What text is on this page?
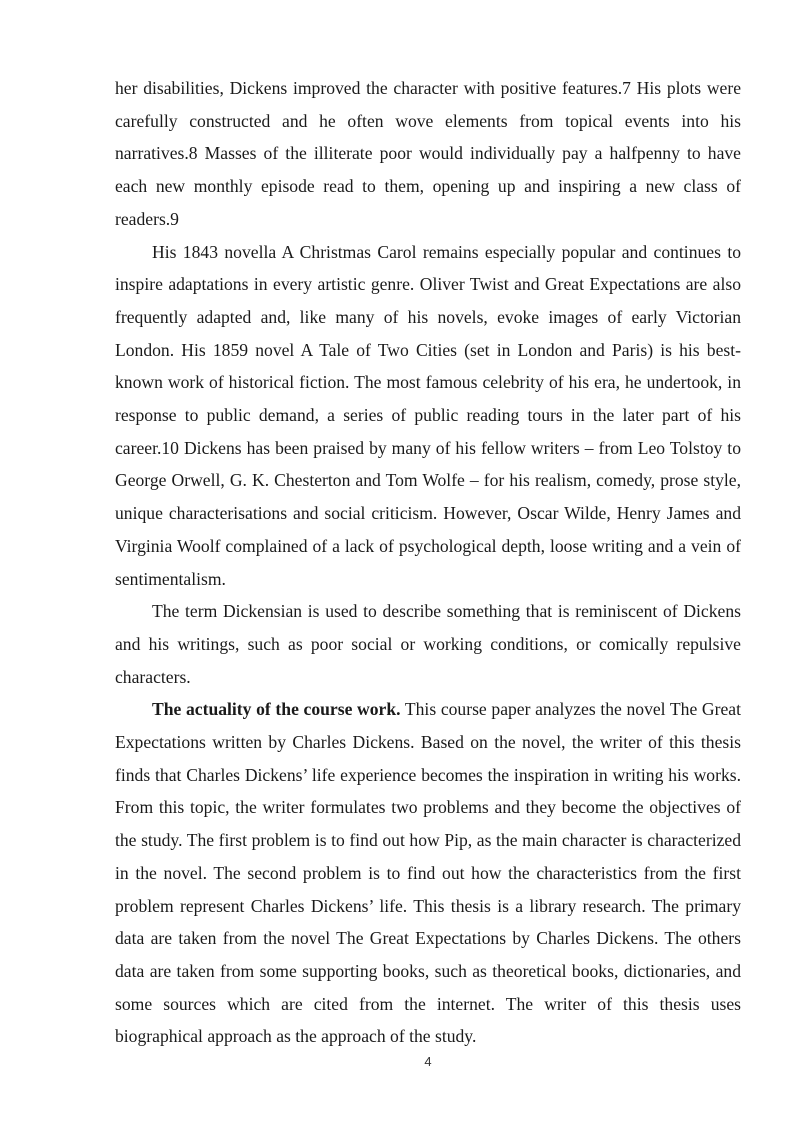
her disabilities, Dickens improved the character with positive features.7 His plots were carefully constructed and he often wove elements from topical events into his narratives.8 Masses of the illiterate poor would individually pay a halfpenny to have each new monthly episode read to them, opening up and inspiring a new class of readers.9

His 1843 novella A Christmas Carol remains especially popular and continues to inspire adaptations in every artistic genre. Oliver Twist and Great Expectations are also frequently adapted and, like many of his novels, evoke images of early Victorian London. His 1859 novel A Tale of Two Cities (set in London and Paris) is his best-known work of historical fiction. The most famous celebrity of his era, he undertook, in response to public demand, a series of public reading tours in the later part of his career.10 Dickens has been praised by many of his fellow writers – from Leo Tolstoy to George Orwell, G. K. Chesterton and Tom Wolfe – for his realism, comedy, prose style, unique characterisations and social criticism. However, Oscar Wilde, Henry James and Virginia Woolf complained of a lack of psychological depth, loose writing and a vein of sentimentalism.

The term Dickensian is used to describe something that is reminiscent of Dickens and his writings, such as poor social or working conditions, or comically repulsive characters.

The actuality of the course work. This course paper analyzes the novel The Great Expectations written by Charles Dickens. Based on the novel, the writer of this thesis finds that Charles Dickens’ life experience becomes the inspiration in writing his works. From this topic, the writer formulates two problems and they become the objectives of the study. The first problem is to find out how Pip, as the main character is characterized in the novel. The second problem is to find out how the characteristics from the first problem represent Charles Dickens’ life. This thesis is a library research. The primary data are taken from the novel The Great Expectations by Charles Dickens. The others data are taken from some supporting books, such as theoretical books, dictionaries, and some sources which are cited from the internet. The writer of this thesis uses biographical approach as the approach of the study.

4
